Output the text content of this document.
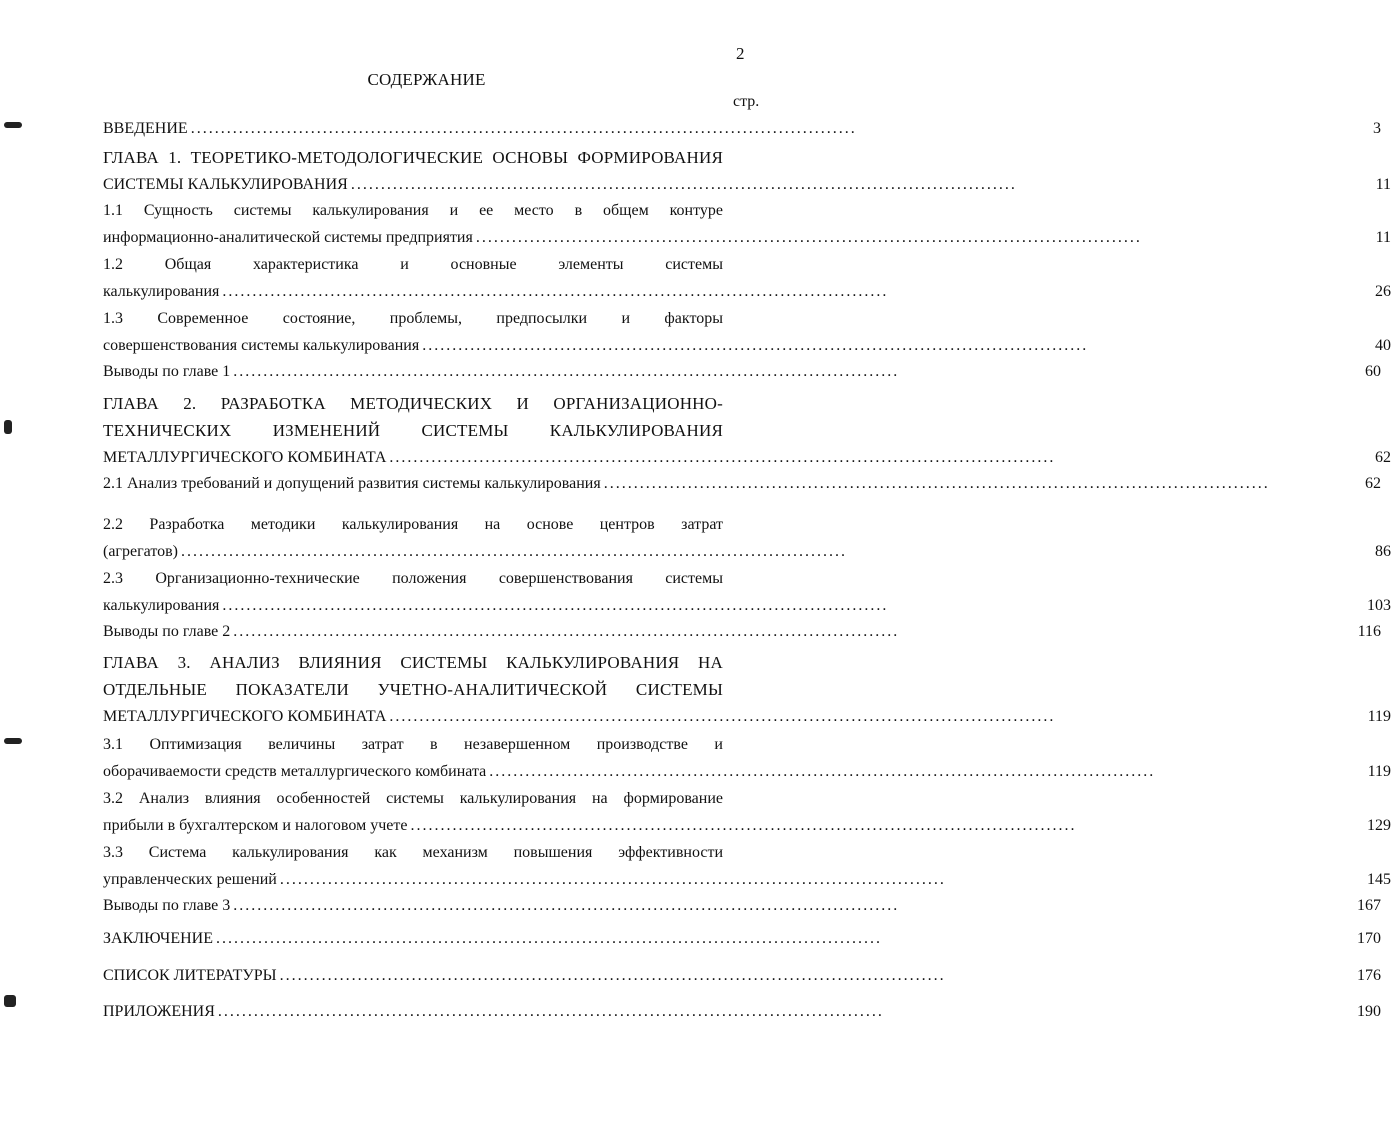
2
СОДЕРЖАНИЕ
стр.
ВВЕДЕНИЕ . . .	3
ГЛАВА 1. ТЕОРЕТИКО-МЕТОДОЛОГИЧЕСКИЕ ОСНОВЫ ФОРМИРОВАНИЯ
СИСТЕМЫ КАЛЬКУЛИРОВАНИЯ . . .	11
1.1 Сущность системы калькулирования и ее место в общем контуре
информационно-аналитической системы предприятия . . .	11
1.2 Общая характеристика и основные элементы системы
калькулирования . . .	26
1.3 Современное состояние, проблемы, предпосылки и факторы
совершенствования системы калькулирования . . .	40
Выводы по главе 1 . . .	60
ГЛАВА 2. РАЗРАБОТКА МЕТОДИЧЕСКИХ И ОРГАНИЗАЦИОННО-
ТЕХНИЧЕСКИХ ИЗМЕНЕНИЙ СИСТЕМЫ КАЛЬКУЛИРОВАНИЯ
МЕТАЛЛУРГИЧЕСКОГО КОМБИНАТА . . .	62
2.1 Анализ требований и допущений развития системы калькулирования . . .	62
2.2 Разработка методики калькулирования на основе центров затрат
(агрегатов) . . .	86
2.3 Организационно-технические положения совершенствования системы
калькулирования . . .	103
Выводы по главе 2 . . .	116
ГЛАВА 3. АНАЛИЗ ВЛИЯНИЯ СИСТЕМЫ КАЛЬКУЛИРОВАНИЯ НА
ОТДЕЛЬНЫЕ ПОКАЗАТЕЛИ УЧЕТНО-АНАЛИТИЧЕСКОЙ СИСТЕМЫ
МЕТАЛЛУРГИЧЕСКОГО КОМБИНАТА . . .	119
3.1 Оптимизация величины затрат в незавершенном производстве и
оборачиваемости средств металлургического комбината . . .	119
3.2 Анализ влияния особенностей системы калькулирования на формирование
прибыли в бухгалтерском и налоговом учете . . .	129
3.3 Система калькулирования как механизм повышения эффективности
управленческих решений . . .	145
Выводы по главе 3 . . .	167
ЗАКЛЮЧЕНИЕ . . .	170
СПИСОК ЛИТЕРАТУРЫ . . .	176
ПРИЛОЖЕНИЯ . . .	190
